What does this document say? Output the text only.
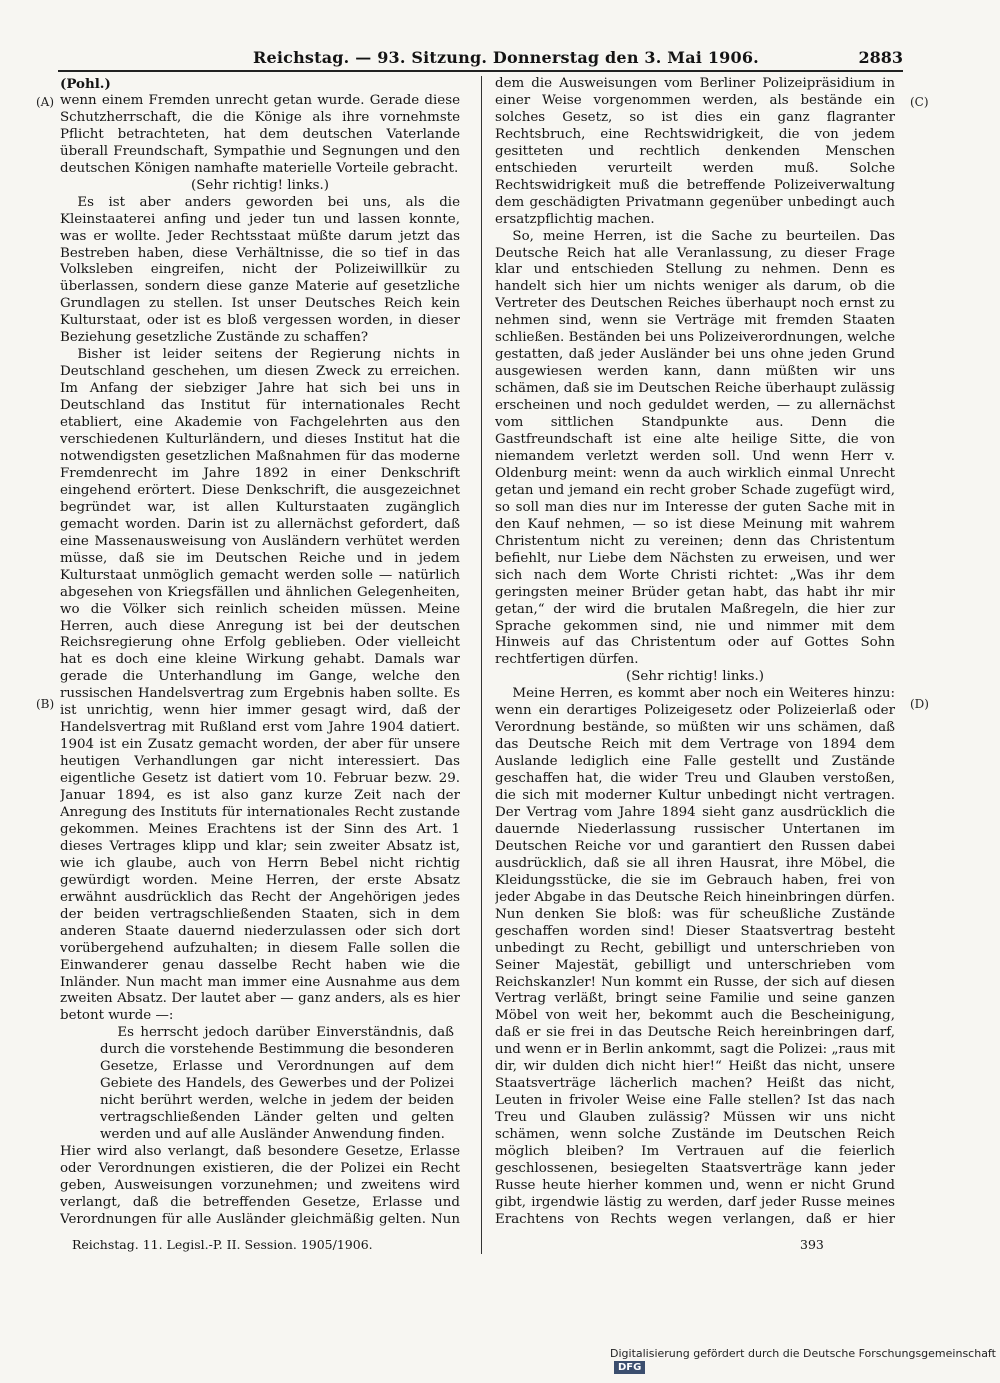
Reichstag. — 93. Sitzung. Donnerstag den 3. Mai 1906.	2883

(Pohl.)

wenn einem Fremden unrecht getan wurde. Gerade diese Schutzherrschaft, die die Könige als ihre vornehmste Pflicht betrachteten, hat dem deutschen Vaterlande überall Freundschaft, Sympathie und Segnungen und den deutschen Königen namhafte materielle Vorteile gebracht.

(Sehr richtig! links.)

Es ist aber anders geworden bei uns, als die Kleinstaaterei anfing und jeder tun und lassen konnte, was er wollte. Jeder Rechtsstaat müßte darum jetzt das Bestreben haben, diese Verhältnisse, die so tief in das Volksleben eingreifen, nicht der Polizeiwillkür zu überlassen, sondern diese ganze Materie auf gesetzliche Grundlagen zu stellen. Ist unser Deutsches Reich kein Kulturstaat, oder ist es bloß vergessen worden, in dieser Beziehung gesetzliche Zustände zu schaffen?

Bisher ist leider seitens der Regierung nichts in Deutschland geschehen, um diesen Zweck zu erreichen. Im Anfang der siebziger Jahre hat sich bei uns in Deutschland das Institut für internationales Recht etabliert, eine Akademie von Fachgelehrten aus den verschiedenen Kulturländern, und dieses Institut hat die notwendigsten gesetzlichen Maßnahmen für das moderne Fremdenrecht im Jahre 1892 in einer Denkschrift eingehend erörtert. Diese Denkschrift, die ausgezeichnet begründet war, ist allen Kulturstaaten zugänglich gemacht worden. Darin ist zu allernächst gefordert, daß eine Massenausweisung von Ausländern verhütet werden müsse, daß sie im Deutschen Reiche und in jedem Kulturstaat unmöglich gemacht werden solle — natürlich abgesehen von Kriegsfällen und ähnlichen Gelegenheiten, wo die Völker sich reinlich scheiden müssen. Meine Herren, auch diese Anregung ist bei der deutschen Reichsregierung ohne Erfolg geblieben. Oder vielleicht hat es doch eine kleine Wirkung gehabt. Damals war gerade die Unterhandlung im Gange, welche den russischen Handelsvertrag zum Ergebnis haben sollte. Es ist unrichtig, wenn hier immer gesagt wird, daß der Handelsvertrag mit Rußland erst vom Jahre 1904 datiert. 1904 ist ein Zusatz gemacht worden, der aber für unsere heutigen Verhandlungen gar nicht interessiert. Das eigentliche Gesetz ist datiert vom 10. Februar bezw. 29. Januar 1894, es ist also ganz kurze Zeit nach der Anregung des Instituts für internationales Recht zustande gekommen. Meines Erachtens ist der Sinn des Art. 1 dieses Vertrages klipp und klar; sein zweiter Absatz ist, wie ich glaube, auch von Herrn Bebel nicht richtig gewürdigt worden. Meine Herren, der erste Absatz erwähnt ausdrücklich das Recht der Angehörigen jedes der beiden vertragschließenden Staaten, sich in dem anderen Staate dauernd niederzulassen oder sich dort vorübergehend aufzuhalten; in diesem Falle sollen die Einwanderer genau dasselbe Recht haben wie die Inländer. Nun macht man immer eine Ausnahme aus dem zweiten Absatz. Der lautet aber — ganz anders, als es hier betont wurde —:

Es herrscht jedoch darüber Einverständnis, daß durch die vorstehende Bestimmung die besonderen Gesetze, Erlasse und Verordnungen auf dem Gebiete des Handels, des Gewerbes und der Polizei nicht berührt werden, welche in jedem der beiden vertragschließenden Länder gelten und gelten werden und auf alle Ausländer Anwendung finden.

Hier wird also verlangt, daß besondere Gesetze, Erlasse oder Verordnungen existieren, die der Polizei ein Recht geben, Ausweisungen vorzunehmen; und zweitens wird verlangt, daß die betreffenden Gesetze, Erlasse und Verordnungen für alle Ausländer gleichmäßig gelten. Nun

dem die Ausweisungen vom Berliner Polizeipräsidium in einer Weise vorgenommen werden, als bestände ein solches Gesetz, so ist dies ein ganz flagranter Rechtsbruch, eine Rechtswidrigkeit, die von jedem gesitteten und rechtlich denkenden Menschen entschieden verurteilt werden muß. Solche Rechtswidrigkeit muß die betreffende Polizeiverwaltung dem geschädigten Privatmann gegenüber unbedingt auch ersatzpflichtig machen.

So, meine Herren, ist die Sache zu beurteilen. Das Deutsche Reich hat alle Veranlassung, zu dieser Frage klar und entschieden Stellung zu nehmen. Denn es handelt sich hier um nichts weniger als darum, ob die Vertreter des Deutschen Reiches überhaupt noch ernst zu nehmen sind, wenn sie Verträge mit fremden Staaten schließen. Beständen bei uns Polizeiverordnungen, welche gestatten, daß jeder Ausländer bei uns ohne jeden Grund ausgewiesen werden kann, dann müßten wir uns schämen, daß sie im Deutschen Reiche überhaupt zulässig erscheinen und noch geduldet werden, — zu allernächst vom sittlichen Standpunkte aus. Denn die Gastfreundschaft ist eine alte heilige Sitte, die von niemandem verletzt werden soll. Und wenn Herr v. Oldenburg meint: wenn da auch wirklich einmal Unrecht getan und jemand ein recht grober Schade zugefügt wird, so soll man dies nur im Interesse der guten Sache mit in den Kauf nehmen, — so ist diese Meinung mit wahrem Christentum nicht zu vereinen; denn das Christentum befiehlt, nur Liebe dem Nächsten zu erweisen, und wer sich nach dem Worte Christi richtet: „Was ihr dem geringsten meiner Brüder getan habt, das habt ihr mir getan,“ der wird die brutalen Maßregeln, die hier zur Sprache gekommen sind, nie und nimmer mit dem Hinweis auf das Christentum oder auf Gottes Sohn rechtfertigen dürfen.

(Sehr richtig! links.)

Meine Herren, es kommt aber noch ein Weiteres hinzu: wenn ein derartiges Polizeigesetz oder Polizeierlaß oder Verordnung bestände, so müßten wir uns schämen, daß das Deutsche Reich mit dem Vertrage von 1894 dem Auslande lediglich eine Falle gestellt und Zustände geschaffen hat, die wider Treu und Glauben verstoßen, die sich mit moderner Kultur unbedingt nicht vertragen. Der Vertrag vom Jahre 1894 sieht ganz ausdrücklich die dauernde Niederlassung russischer Untertanen im Deutschen Reiche vor und garantiert den Russen dabei ausdrücklich, daß sie all ihren Hausrat, ihre Möbel, die Kleidungsstücke, die sie im Gebrauch haben, frei von jeder Abgabe in das Deutsche Reich hineinbringen dürfen. Nun denken Sie bloß: was für scheußliche Zustände geschaffen worden sind! Dieser Staatsvertrag besteht unbedingt zu Recht, gebilligt und unterschrieben von Seiner Majestät, gebilligt und unterschrieben vom Reichskanzler! Nun kommt ein Russe, der sich auf diesen Vertrag verläßt, bringt seine Familie und seine ganzen Möbel von weit her, bekommt auch die Bescheinigung, daß er sie frei in das Deutsche Reich hereinbringen darf, und wenn er in Berlin ankommt, sagt die Polizei: „raus mit dir, wir dulden dich nicht hier!“ Heißt das nicht, unsere Staatsverträge lächerlich machen? Heißt das nicht, Leuten in frivoler Weise eine Falle stellen? Ist das nach Treu und Glauben zulässig? Müssen wir uns nicht schämen, wenn solche Zustände im Deutschen Reich möglich bleiben? Im Vertrauen auf die feierlich geschlossenen, besiegelten Staatsverträge kann jeder Russe heute hierher kommen und, wenn er nicht Grund gibt, irgendwie lästig zu werden, darf jeder Russe meines Erachtens von Rechts wegen verlangen, daß er hier

(A)
(B)
(C)
(D)
Reichstag. 11. Legisl.-P. II. Session. 1905/1906.	393
Digitalisierung gefördert durch die Deutsche Forschungsgemeinschaft DFG
